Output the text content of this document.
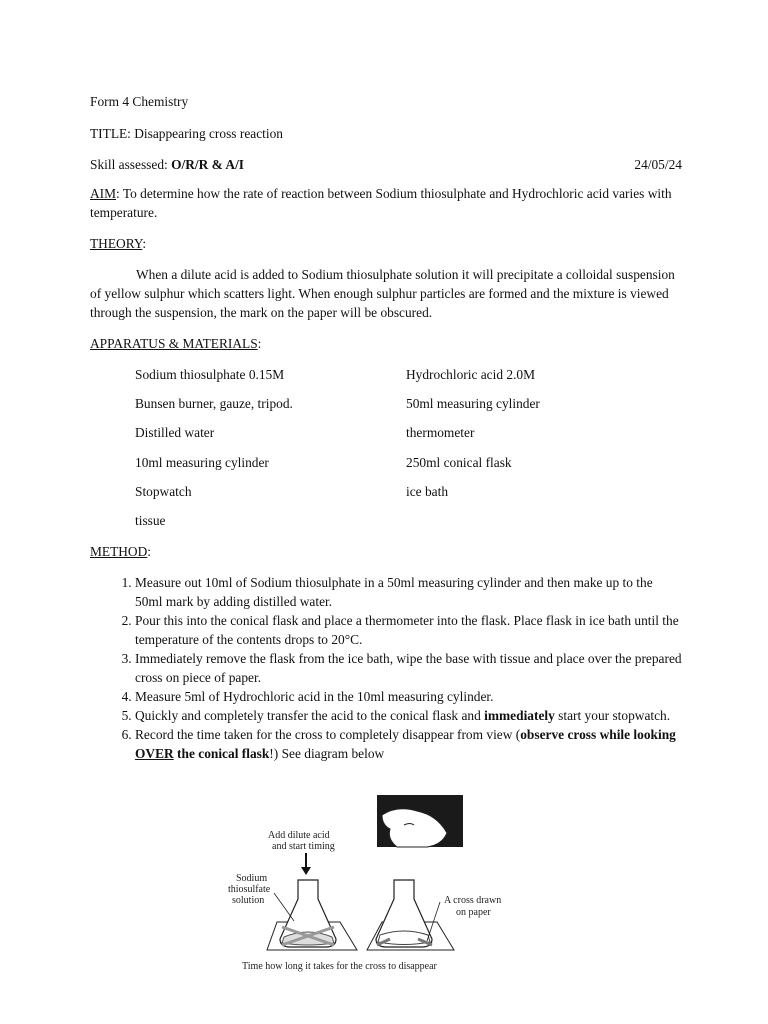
Form 4 Chemistry

TITLE: Disappearing cross reaction

Skill assessed: O/R/R & A/I	24/05/24

AIM: To determine how the rate of reaction between Sodium thiosulphate and Hydrochloric acid varies with temperature.

THEORY:

When a dilute acid is added to Sodium thiosulphate solution it will precipitate a colloidal suspension of yellow sulphur which scatters light. When enough sulphur particles are formed and the mixture is viewed through the suspension, the mark on the paper will be obscured.

APPARATUS & MATERIALS:

Sodium thiosulphate 0.15M	Hydrochloric acid 2.0M
Bunsen burner, gauze, tripod.	50ml measuring cylinder
Distilled water	thermometer
10ml measuring cylinder	250ml conical flask
Stopwatch	ice bath
tissue

METHOD:

1. Measure out 10ml of Sodium thiosulphate in a 50ml measuring cylinder and then make up to the 50ml mark by adding distilled water.
2. Pour this into the conical flask and place a thermometer into the flask. Place flask in ice bath until the temperature of the contents drops to 20°C.
3. Immediately remove the flask from the ice bath, wipe the base with tissue and place over the prepared cross on piece of paper.
4. Measure 5ml of Hydrochloric acid in the 10ml measuring cylinder.
5. Quickly and completely transfer the acid to the conical flask and immediately start your stopwatch.
6. Record the time taken for the cross to completely disappear from view (observe cross while looking OVER the conical flask!) See diagram below
Add dilute acid
and start timing
Sodium
thiosulfate
solution	A cross drawn
on paper
Time how long it takes for the cross to disappear
